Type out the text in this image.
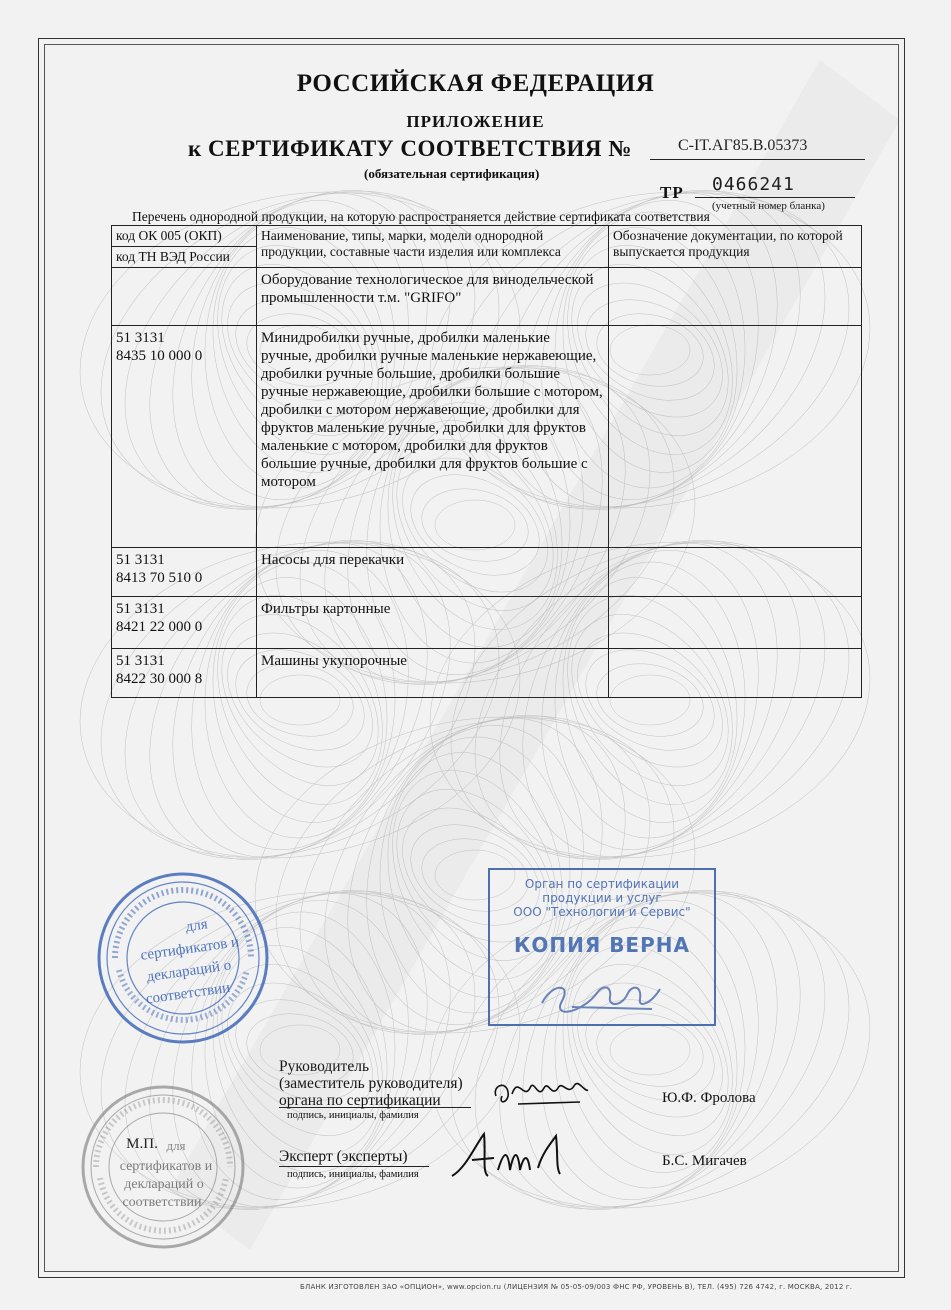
РОССИЙСКАЯ ФЕДЕРАЦИЯ
ПРИЛОЖЕНИЕ
к СЕРТИФИКАТУ СООТВЕТСТВИЯ №	C-IT.АГ85.В.05373
(обязательная сертификация)
ТР 0466241
(учетный номер бланка)
Перечень однородной продукции, на которую распространяется действие сертификата соответствия
код ОК 005 (ОКП)
код ТН ВЭД России	Наименование, типы, марки, модели однородной продукции, составные части изделия или комплекса	Обозначение документации, по которой выпускается продукция

	Оборудование технологическое для винодельческой промышленности т.м. "GRIFO"	
51 3131
8435 10 000 0	Минидробилки ручные, дробилки маленькие ручные, дробилки ручные маленькие нержавеющие, дробилки ручные большие, дробилки большие ручные нержавеющие, дробилки большие с мотором, дробилки с мотором нержавеющие, дробилки для фруктов маленькие ручные, дробилки для фруктов маленькие с мотором, дробилки для фруктов большие ручные, дробилки для фруктов большие с мотором	
51 3131
8413 70 510 0	Насосы для перекачки	
51 3131
8421 22 000 0	Фильтры картонные	
51 3131
8422 30 000 8	Машины укупорочные	
для
сертификатов и
деклараций о
соответствии
Орган по сертификации
продукции и услуг
ООО "Технологии и Сервис"
КОПИЯ ВЕРНА
М.П. для
сертификатов и
деклараций о
соответствии
Руководитель
(заместитель руководителя)
органа по сертификации
подпись, инициалы, фамилия
Ю.Ф. Фролова
Эксперт (эксперты)
подпись, инициалы, фамилия
Б.С. Мигачев
БЛАНК ИЗГОТОВЛЕН ЗАО «ОПЦИОН», www.opcion.ru (ЛИЦЕНЗИЯ № 05-05-09/003 ФНС РФ, УРОВЕНЬ В), ТЕЛ. (495) 726 4742, г. МОСКВА, 2012 г.
